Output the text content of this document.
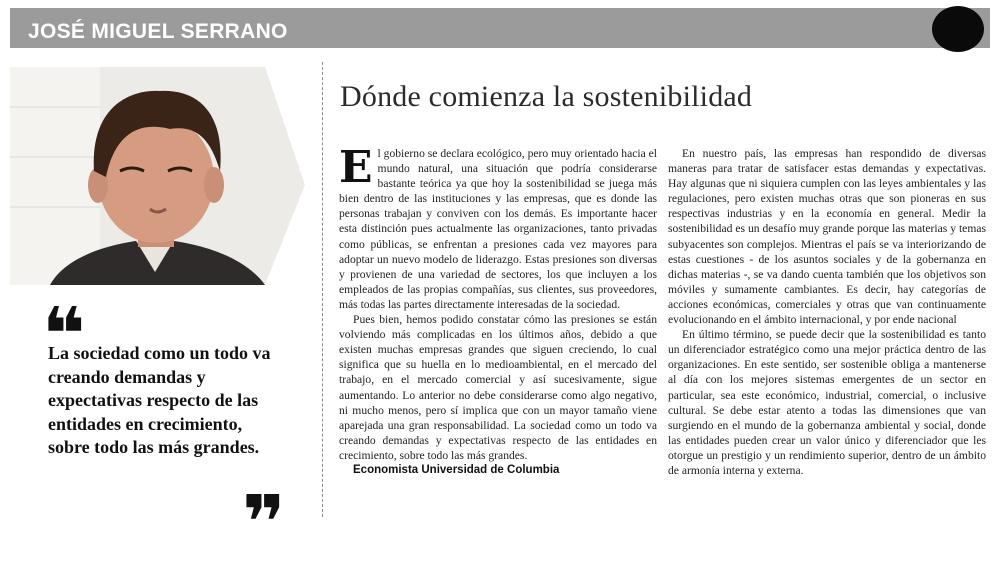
JOSÉ MIGUEL SERRANO
❝
La sociedad como un todo va creando demandas y expectativas respecto de las entidades en crecimiento, sobre todo las más grandes.
❞
Dónde comienza la sostenibilidad

El gobierno se declara ecológico, pero muy orientado hacia el mundo natural, una situación que podría considerarse bastante teórica ya que hoy la sostenibilidad se juega más bien dentro de las instituciones y las empresas, que es donde las personas trabajan y conviven con los demás. Es importante hacer esta distinción pues actualmente las organizaciones, tanto privadas como públicas, se enfrentan a presiones cada vez mayores para adoptar un nuevo modelo de liderazgo. Estas presiones son diversas y provienen de una variedad de sectores, los que incluyen a los empleados de las propias compañías, sus clientes, sus proveedores, más todas las partes directamente interesadas de la sociedad.

Pues bien, hemos podido constatar cómo las presiones se están volviendo más complicadas en los últimos años, debido a que existen muchas empresas grandes que siguen creciendo, lo cual significa que su huella en lo medioambiental, en el mercado del trabajo, en el mercado comercial y así sucesivamente, sigue aumentando. Lo anterior no debe considerarse como algo negativo, ni mucho menos, pero sí implica que con un mayor tamaño viene aparejada una gran responsabilidad. La sociedad como un todo va creando demandas y expectativas respecto de las entidades en crecimiento, sobre todo las más grandes.

Economista Universidad de Columbia

En nuestro país, las empresas han respondido de diversas maneras para tratar de satisfacer estas demandas y expectativas. Hay algunas que ni siquiera cumplen con las leyes ambientales y las regulaciones, pero existen muchas otras que son pioneras en sus respectivas industrias y en la economía en general. Medir la sostenibilidad es un desafío muy grande porque las materias y temas subyacentes son complejos. Mientras el país se va interiorizando de estas cuestiones - de los asuntos sociales y de la gobernanza en dichas materias -, se va dando cuenta también que los objetivos son móviles y sumamente cambiantes. Es decir, hay categorías de acciones económicas, comerciales y otras que van continuamente evolucionando en el ámbito internacional, y por ende nacional

En último término, se puede decir que la sostenibilidad es tanto un diferenciador estratégico como una mejor práctica dentro de las organizaciones. En este sentido, ser sostenible obliga a mantenerse al día con los mejores sistemas emergentes de un sector en particular, sea este económico, industrial, comercial, o inclusive cultural. Se debe estar atento a todas las dimensiones que van surgiendo en el mundo de la gobernanza ambiental y social, donde las entidades pueden crear un valor único y diferenciador que les otorgue un prestigio y un rendimiento superior, dentro de un ámbito de armonía interna y externa.
